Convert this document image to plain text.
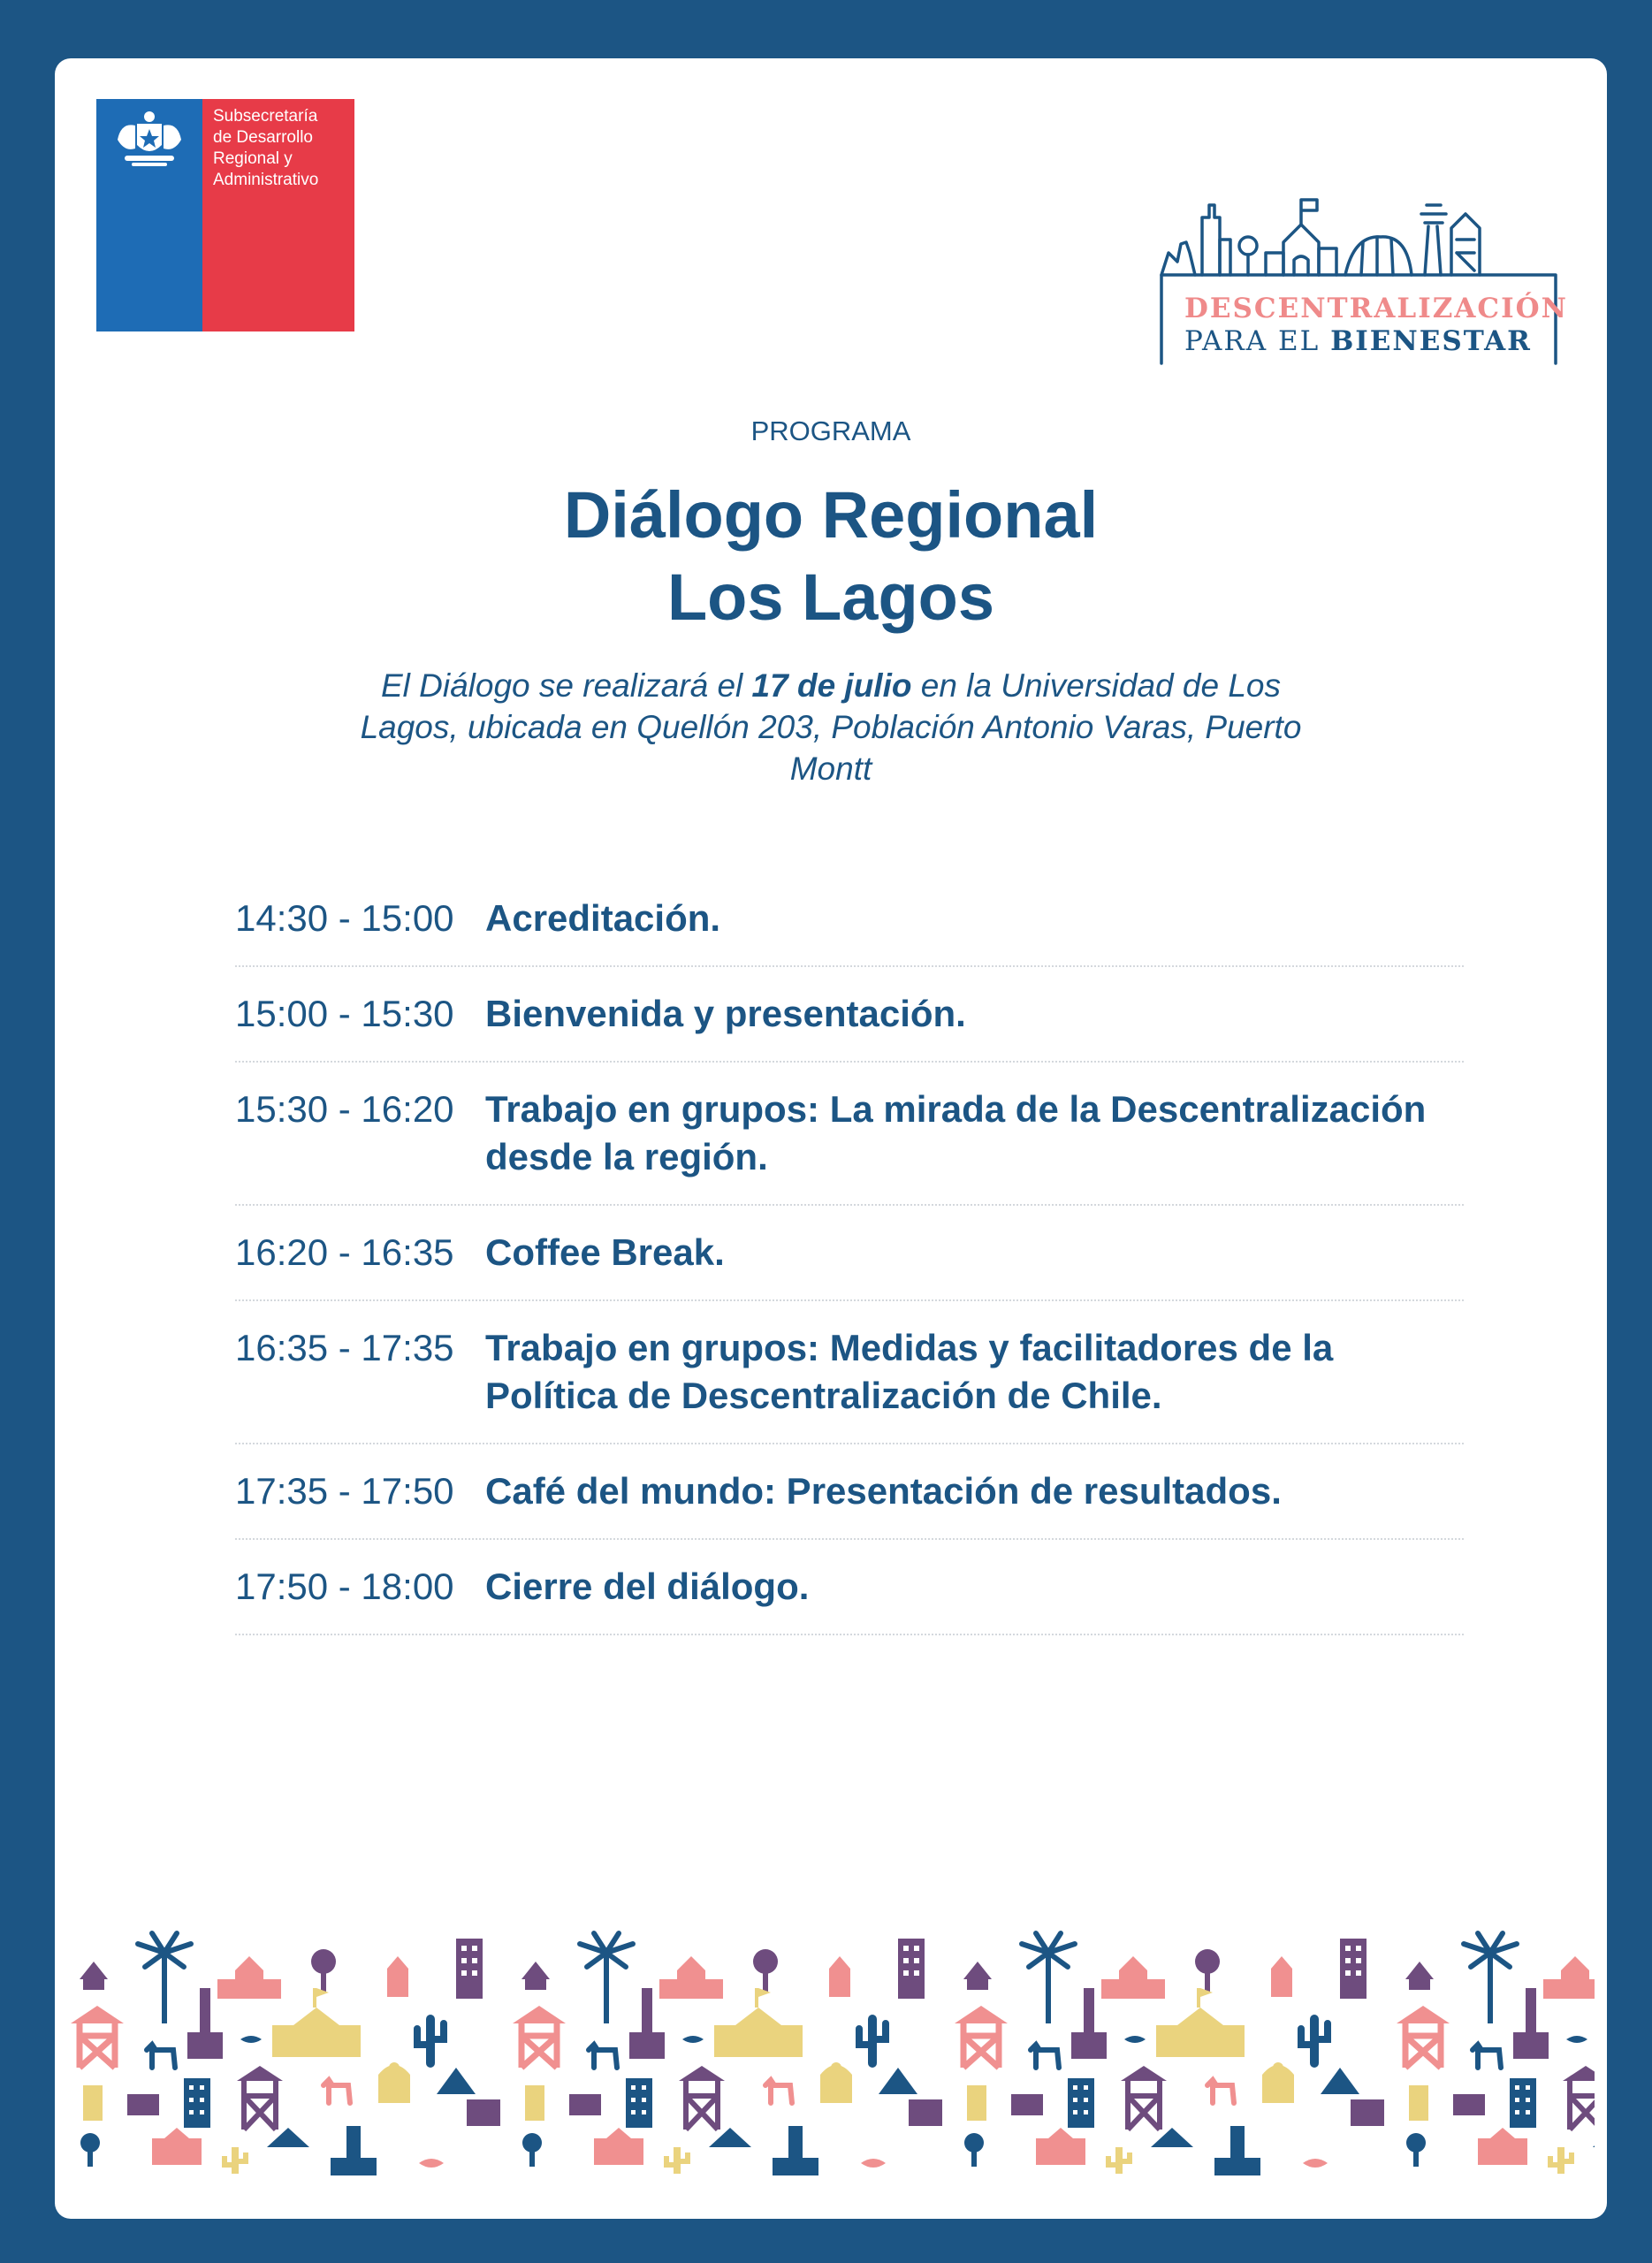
Subsecretaría
de Desarrollo
Regional y
Administrativo
DESCENTRALIZACIÓN
PARA EL BIENESTAR
PROGRAMA
Diálogo Regional
Los Lagos
El Diálogo se realizará el 17 de julio en la Universidad de Los Lagos, ubicada en Quellón 203, Población Antonio Varas, Puerto Montt
14:30 - 15:00 Acreditación.
15:00 - 15:30 Bienvenida y presentación.
15:30 - 16:20 Trabajo en grupos: La mirada de la Descentralización desde la región.
16:20 - 16:35 Coffee Break.
16:35 - 17:35 Trabajo en grupos: Medidas y facilitadores de la Política de Descentralización de Chile.
17:35 - 17:50 Café del mundo: Presentación de resultados.
17:50 - 18:00 Cierre del diálogo.
